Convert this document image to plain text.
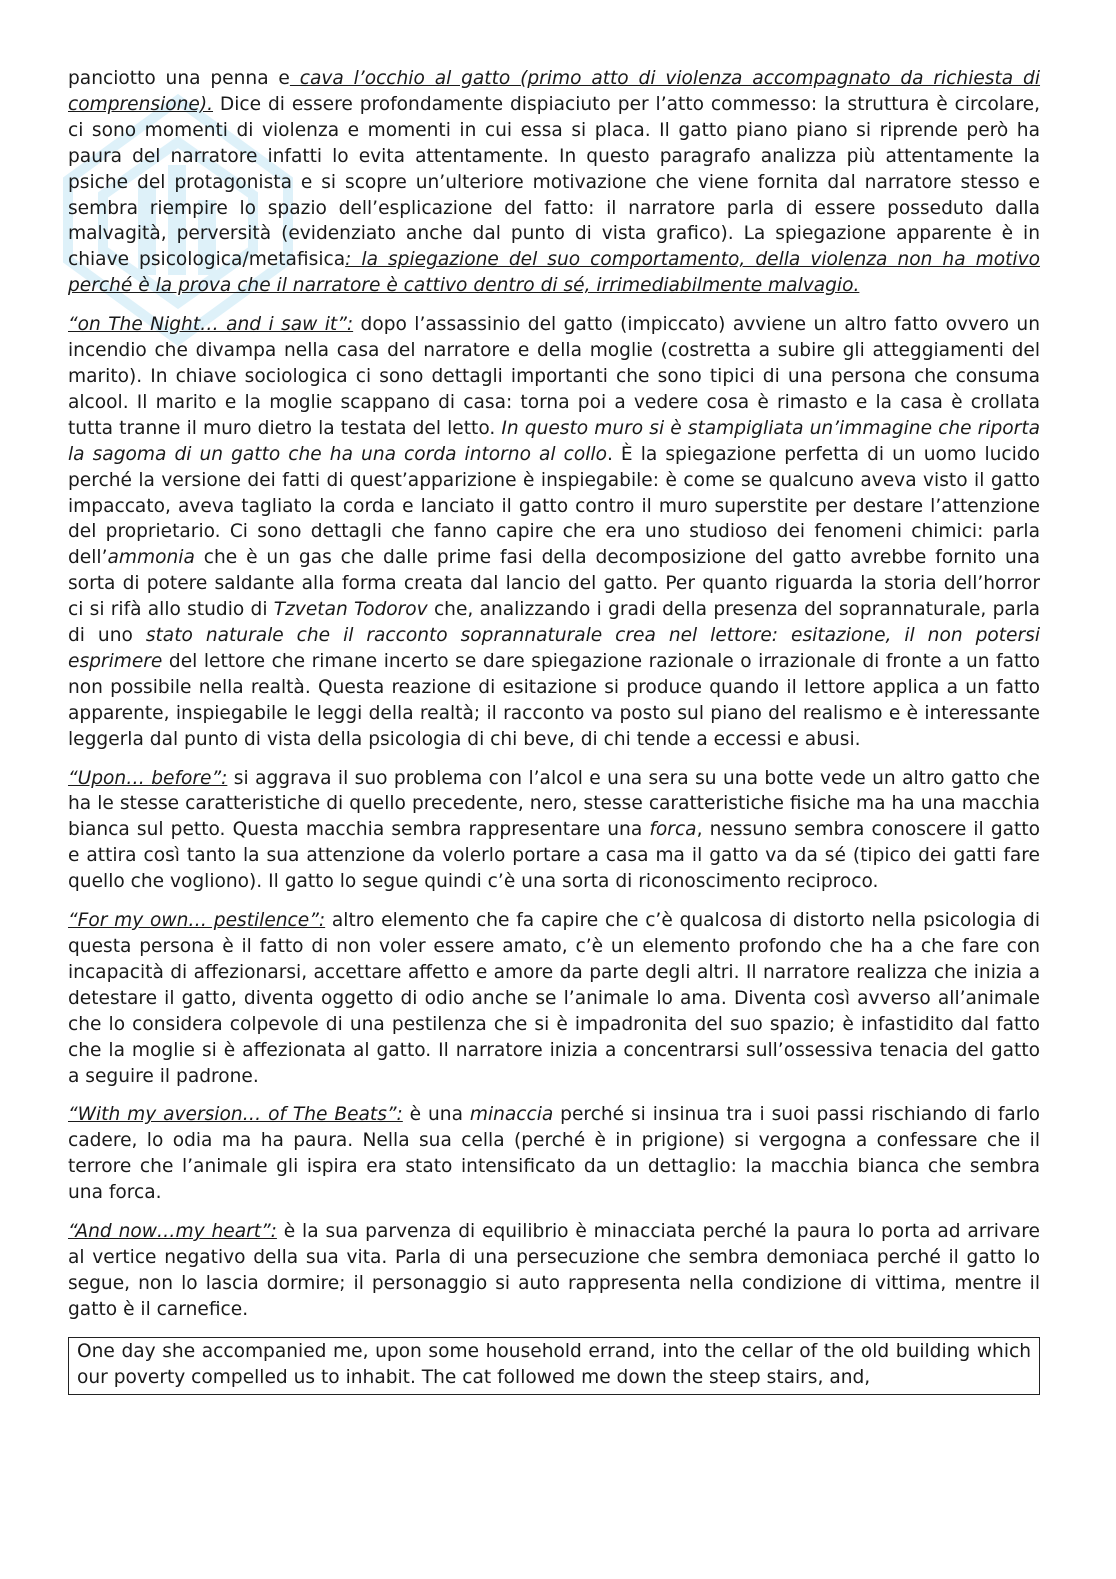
panciotto una penna e cava l’occhio al gatto (primo atto di violenza accompagnato da richiesta di comprensione). Dice di essere profondamente dispiaciuto per l’atto commesso: la struttura è circolare, ci sono momenti di violenza e momenti in cui essa si placa. Il gatto piano piano si riprende però ha paura del narratore infatti lo evita attentamente. In questo paragrafo analizza più attentamente la psiche del protagonista e si scopre un’ulteriore motivazione che viene fornita dal narratore stesso e sembra riempire lo spazio dell’esplicazione del fatto: il narratore parla di essere posseduto dalla malvagità, perversità (evidenziato anche dal punto di vista grafico). La spiegazione apparente è in chiave psicologica/metafisica: la spiegazione del suo comportamento, della violenza non ha motivo perché è la prova che il narratore è cattivo dentro di sé, irrimediabilmente malvagio.

“on The Night… and i saw it”: dopo l’assassinio del gatto (impiccato) avviene un altro fatto ovvero un incendio che divampa nella casa del narratore e della moglie (costretta a subire gli atteggiamenti del marito). In chiave sociologica ci sono dettagli importanti che sono tipici di una persona che consuma alcool. Il marito e la moglie scappano di casa: torna poi a vedere cosa è rimasto e la casa è crollata tutta tranne il muro dietro la testata del letto. In questo muro si è stampigliata un’immagine che riporta la sagoma di un gatto che ha una corda intorno al collo. È la spiegazione perfetta di un uomo lucido perché la versione dei fatti di quest’apparizione è inspiegabile: è come se qualcuno aveva visto il gatto impaccato, aveva tagliato la corda e lanciato il gatto contro il muro superstite per destare l’attenzione del proprietario. Ci sono dettagli che fanno capire che era uno studioso dei fenomeni chimici: parla dell’ammonia che è un gas che dalle prime fasi della decomposizione del gatto avrebbe fornito una sorta di potere saldante alla forma creata dal lancio del gatto. Per quanto riguarda la storia dell’horror ci si rifà allo studio di Tzvetan Todorov che, analizzando i gradi della presenza del soprannaturale, parla di uno stato naturale che il racconto soprannaturale crea nel lettore: esitazione, il non potersi esprimere del lettore che rimane incerto se dare spiegazione razionale o irrazionale di fronte a un fatto non possibile nella realtà. Questa reazione di esitazione si produce quando il lettore applica a un fatto apparente, inspiegabile le leggi della realtà; il racconto va posto sul piano del realismo e è interessante leggerla dal punto di vista della psicologia di chi beve, di chi tende a eccessi e abusi.

“Upon… before”: si aggrava il suo problema con l’alcol e una sera su una botte vede un altro gatto che ha le stesse caratteristiche di quello precedente, nero, stesse caratteristiche fisiche ma ha una macchia bianca sul petto. Questa macchia sembra rappresentare una forca, nessuno sembra conoscere il gatto e attira così tanto la sua attenzione da volerlo portare a casa ma il gatto va da sé (tipico dei gatti fare quello che vogliono). Il gatto lo segue quindi c’è una sorta di riconoscimento reciproco.

“For my own… pestilence”: altro elemento che fa capire che c’è qualcosa di distorto nella psicologia di questa persona è il fatto di non voler essere amato, c’è un elemento profondo che ha a che fare con incapacità di affezionarsi, accettare affetto e amore da parte degli altri. Il narratore realizza che inizia a detestare il gatto, diventa oggetto di odio anche se l’animale lo ama. Diventa così avverso all’animale che lo considera colpevole di una pestilenza che si è impadronita del suo spazio; è infastidito dal fatto che la moglie si è affezionata al gatto. Il narratore inizia a concentrarsi sull’ossessiva tenacia del gatto a seguire il padrone.

“With my aversion… of The Beats”: è una minaccia perché si insinua tra i suoi passi rischiando di farlo cadere, lo odia ma ha paura. Nella sua cella (perché è in prigione) si vergogna a confessare che il terrore che l’animale gli ispira era stato intensificato da un dettaglio: la macchia bianca che sembra una forca.

“And now…my heart”: è la sua parvenza di equilibrio è minacciata perché la paura lo porta ad arrivare al vertice negativo della sua vita. Parla di una persecuzione che sembra demoniaca perché il gatto lo segue, non lo lascia dormire; il personaggio si auto rappresenta nella condizione di vittima, mentre il gatto è il carnefice.

One day she accompanied me, upon some household errand, into the cellar of the old building which our poverty compelled us to inhabit. The cat followed me down the steep stairs, and,
